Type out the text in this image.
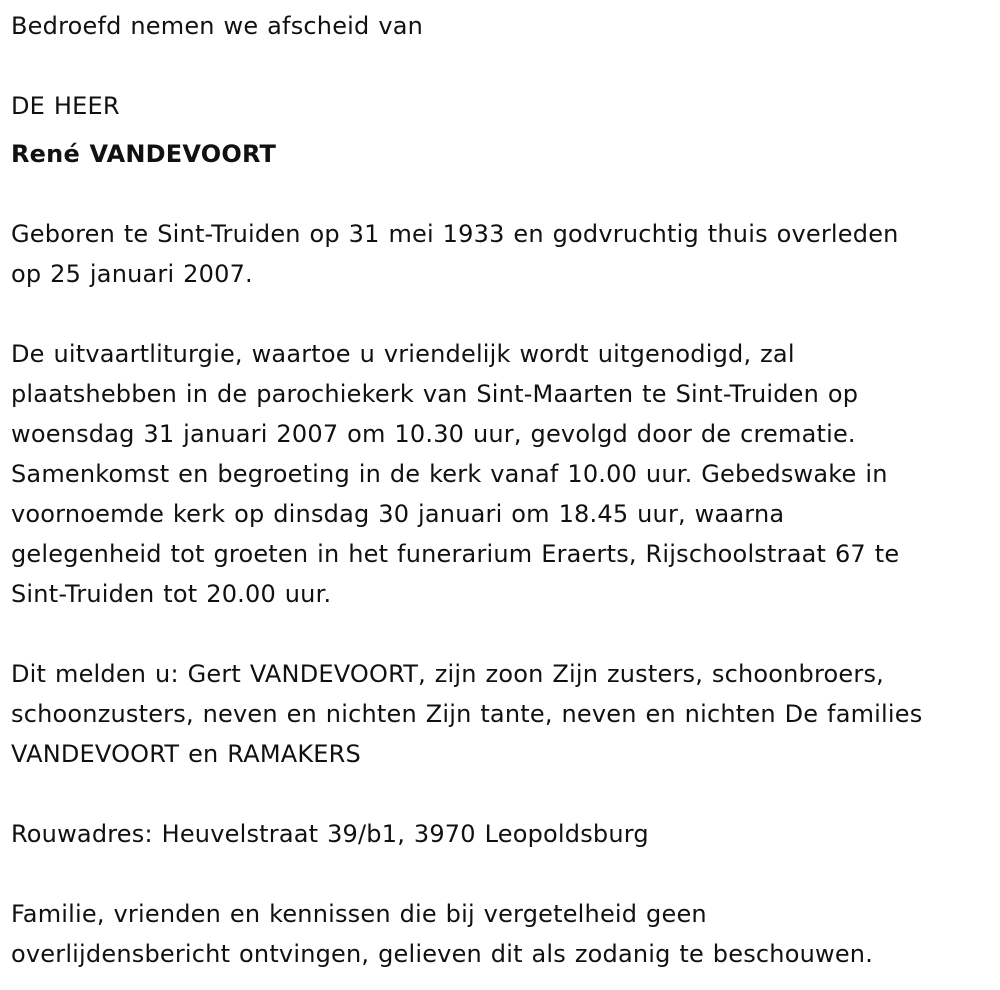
Bedroefd nemen we afscheid van
DE HEER
René VANDEVOORT
Geboren te Sint-Truiden op 31 mei 1933 en godvruchtig thuis overleden
op 25 januari 2007.
De uitvaartliturgie, waartoe u vriendelijk wordt uitgenodigd, zal
plaatshebben in de parochiekerk van Sint-Maarten te Sint-Truiden op
woensdag 31 januari 2007 om 10.30 uur, gevolgd door de crematie.
Samenkomst en begroeting in de kerk vanaf 10.00 uur. Gebedswake in
voornoemde kerk op dinsdag 30 januari om 18.45 uur, waarna
gelegenheid tot groeten in het funerarium Eraerts, Rijschoolstraat 67 te
Sint-Truiden tot 20.00 uur.
Dit melden u: Gert VANDEVOORT, zijn zoon Zijn zusters, schoonbroers,
schoonzusters, neven en nichten Zijn tante, neven en nichten De families
VANDEVOORT en RAMAKERS
Rouwadres: Heuvelstraat 39/b1, 3970 Leopoldsburg
Familie, vrienden en kennissen die bij vergetelheid geen
overlijdensbericht ontvingen, gelieven dit als zodanig te beschouwen.
